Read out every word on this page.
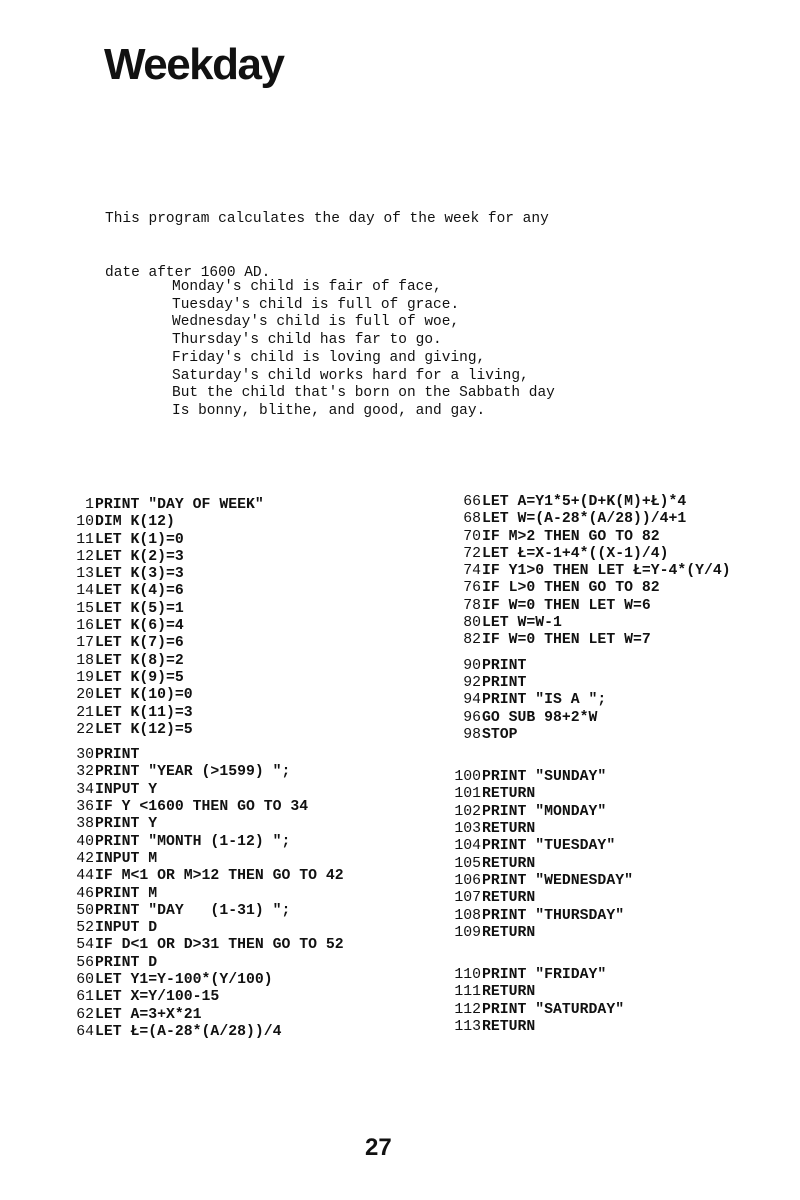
Weekday

This program calculates the day of the week for any

date after 1600 AD.

Monday's child is fair of face,
Tuesday's child is full of grace.
Wednesday's child is full of woe,
Thursday's child has far to go.
Friday's child is loving and giving,
Saturday's child works hard for a living,
But the child that's born on the Sabbath day
Is bonny, blithe, and good, and gay.
1 PRINT "DAY OF WEEK"
10 DIM K(12)
11 LET K(1)=0
12 LET K(2)=3
13 LET K(3)=3
14 LET K(4)=6
15 LET K(5)=1
16 LET K(6)=4
17 LET K(7)=6
18 LET K(8)=2
19 LET K(9)=5
20 LET K(10)=0
21 LET K(11)=3
22 LET K(12)=5
30 PRINT
32 PRINT "YEAR (>1599) ";
34 INPUT Y
36 IF Y <1600 THEN GO TO 34
38 PRINT Y
40 PRINT "MONTH (1-12) ";
42 INPUT M
44 IF M<1 OR M>12 THEN GO TO 42
46 PRINT M
50 PRINT "DAY   (1-31) ";
52 INPUT D
54 IF D<1 OR D>31 THEN GO TO 52
56 PRINT D
60 LET Y1=Y-100*(Y/100)
61 LET X=Y/100-15
62 LET A=3+X*21
64 LET Ł=(A-28*(A/28))/4
66 LET A=Y1*5+(D+K(M)+Ł)*4
68 LET W=(A-28*(A/28))/4+1
70 IF M>2 THEN GO TO 82
72 LET Ł=X-1+4*((X-1)/4)
74 IF Y1>0 THEN LET Ł=Y-4*(Y/4)
76 IF L>0 THEN GO TO 82
78 IF W=0 THEN LET W=6
80 LET W=W-1
82 IF W=0 THEN LET W=7
90 PRINT
92 PRINT
94 PRINT "IS A ";
96 GO SUB 98+2*W
98 STOP
100 PRINT "SUNDAY"
101 RETURN
102 PRINT "MONDAY"
103 RETURN
104 PRINT "TUESDAY"
105 RETURN
106 PRINT "WEDNESDAY"
107 RETURN
108 PRINT "THURSDAY"
109 RETURN
110 PRINT "FRIDAY"
111 RETURN
112 PRINT "SATURDAY"
113 RETURN
27
